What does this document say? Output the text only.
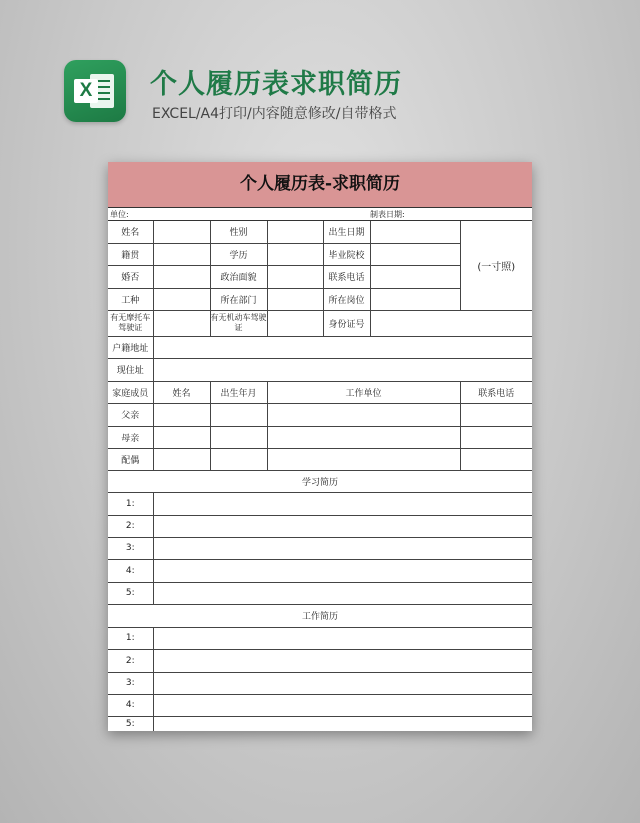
X 个人履历表求职简历
EXCEL/A4打印/内容随意修改/自带格式
个人履历表-求职简历
单位:	制表日期:
姓名		性别		出生日期		(一寸照)
籍贯		学历		毕业院校		
婚否		政治面貌		联系电话		
工种		所在部门		所在岗位		
有无摩托车驾驶证		有无机动车驾驶证		身份证号		
户籍地址						
现住址						
家庭成员	姓名	出生年月	工作单位			联系电话
父亲						
母亲						
配偶						
学习简历						
1:						
2:						
3:						
4:						
5:						
工作简历						
1:						
2:						
3:						
4:						
5:						
